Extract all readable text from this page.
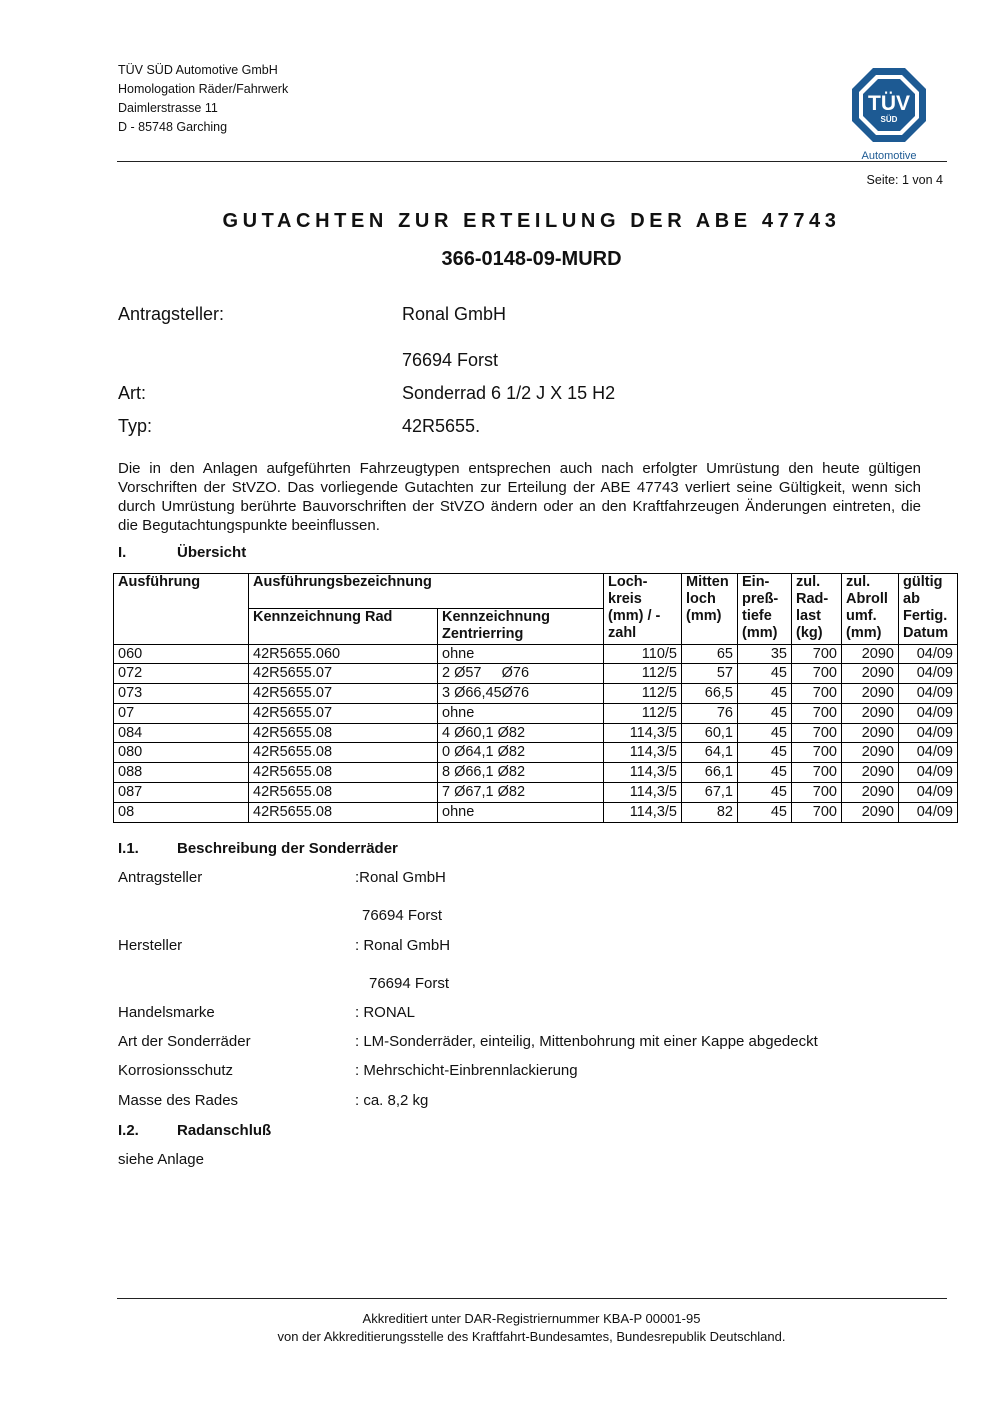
TÜV SÜD Automotive GmbH
Homologation Räder/Fahrwerk
Daimlerstrasse 11
D - 85748 Garching
TÜV
SÜD
Automotive
Seite: 1 von 4
GUTACHTEN ZUR ERTEILUNG DER ABE 47743
366-0148-09-MURD
Antragsteller:	Ronal GmbH
76694 Forst
Art:	Sonderrad 6 1/2 J X 15 H2
Typ:	42R5655.
Die in den Anlagen aufgeführten Fahrzeugtypen entsprechen auch nach erfolgter Umrüstung den heute gültigen Vorschriften der StVZO. Das vorliegende Gutachten zur Erteilung der ABE 47743 verliert seine Gültigkeit, wenn sich durch Umrüstung berührte Bauvorschriften der StVZO ändern oder an den Kraftfahrzeugen Änderungen eintreten, die die Begutachtungspunkte beeinflussen.
I.	Übersicht
Ausführung	Ausführungsbezeichnung		Loch- kreis	Mitten loch	Ein- preß-	zul. Rad-	zul. Abroll	gültig ab
	Kennzeichnung Rad	Kennzeichnung Zentrierring	(mm) / -zahl	(mm)	tiefe (mm)	last (kg)	umf. (mm)	Fertig. Datum
060	42R5655.060	ohne	110/5	65	35	700	2090	04/09
072	42R5655.07	2 Ø57     Ø76	112/5	57	45	700	2090	04/09
073	42R5655.07	3 Ø66,45Ø76	112/5	66,5	45	700	2090	04/09
07	42R5655.07	ohne	112/5	76	45	700	2090	04/09
084	42R5655.08	4 Ø60,1 Ø82	114,3/5	60,1	45	700	2090	04/09
080	42R5655.08	0 Ø64,1 Ø82	114,3/5	64,1	45	700	2090	04/09
088	42R5655.08	8 Ø66,1 Ø82	114,3/5	66,1	45	700	2090	04/09
087	42R5655.08	7 Ø67,1 Ø82	114,3/5	67,1	45	700	2090	04/09
08	42R5655.08	ohne	114,3/5	82	45	700	2090	04/09
I.1.	Beschreibung der Sonderräder
Antragsteller	:Ronal GmbH
76694 Forst
Hersteller	: Ronal GmbH
76694 Forst
Handelsmarke	: RONAL
Art der Sonderräder	: LM-Sonderräder, einteilig, Mittenbohrung mit einer Kappe abgedeckt
Korrosionsschutz	: Mehrschicht-Einbrennlackierung
Masse des Rades	: ca. 8,2 kg
I.2.	Radanschluß
siehe Anlage
Akkreditiert unter DAR-Registriernummer KBA-P 00001-95
von der Akkreditierungsstelle des Kraftfahrt-Bundesamtes, Bundesrepublik Deutschland.
